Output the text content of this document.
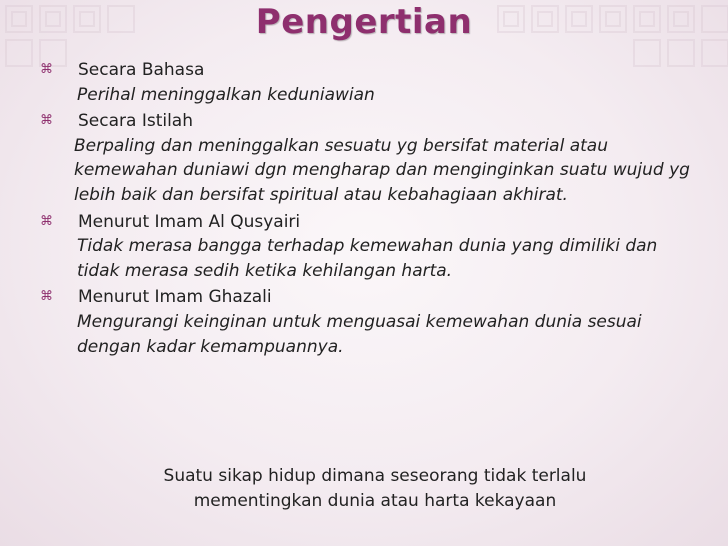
Pengertian
⌘	Secara Bahasa
Perihal meninggalkan keduniawian
⌘	Secara Istilah
Berpaling dan meninggalkan sesuatu yg bersifat material atau kemewahan duniawi dgn mengharap dan menginginkan suatu wujud yg lebih baik dan bersifat spiritual atau kebahagiaan akhirat.
⌘	Menurut Imam Al Qusyairi
Tidak merasa bangga terhadap kemewahan dunia yang dimiliki dan tidak merasa sedih ketika kehilangan harta.
⌘	Menurut Imam Ghazali
Mengurangi keinginan untuk menguasai kemewahan dunia sesuai dengan kadar kemampuannya.
Suatu sikap hidup dimana seseorang tidak terlalu mementingkan dunia atau harta kekayaan
